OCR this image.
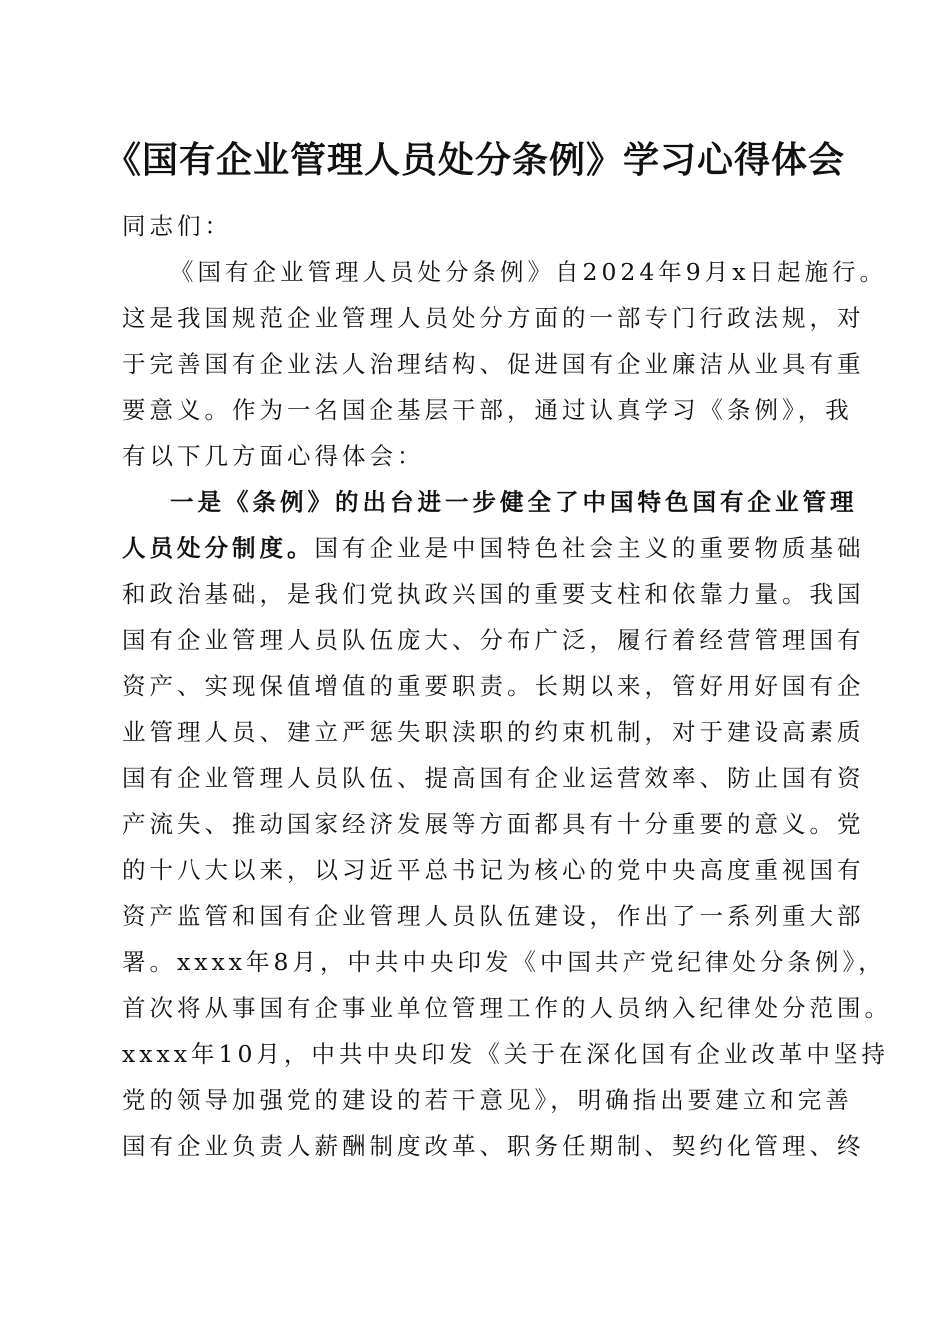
《国有企业管理人员处分条例》学习心得体会
同志们：
《国有企业管理人员处分条例》自2024年9月x日起施行。
这是我国规范企业管理人员处分方面的一部专门行政法规，对
于完善国有企业法人治理结构、促进国有企业廉洁从业具有重
要意义。作为一名国企基层干部，通过认真学习《条例》，我
有以下几方面心得体会：
一是《条例》的出台进一步健全了中国特色国有企业管理
人员处分制度。国有企业是中国特色社会主义的重要物质基础
和政治基础，是我们党执政兴国的重要支柱和依靠力量。我国
国有企业管理人员队伍庞大、分布广泛，履行着经营管理国有
资产、实现保值增值的重要职责。长期以来，管好用好国有企
业管理人员、建立严惩失职渎职的约束机制，对于建设高素质
国有企业管理人员队伍、提高国有企业运营效率、防止国有资
产流失、推动国家经济发展等方面都具有十分重要的意义。党
的十八大以来，以习近平总书记为核心的党中央高度重视国有
资产监管和国有企业管理人员队伍建设，作出了一系列重大部
署。xxxx年8月，中共中央印发《中国共产党纪律处分条例》，
首次将从事国有企事业单位管理工作的人员纳入纪律处分范围。
xxxx年10月，中共中央印发《关于在深化国有企业改革中坚持
党的领导加强党的建设的若干意见》，明确指出要建立和完善
国有企业负责人薪酬制度改革、职务任期制、契约化管理、终
